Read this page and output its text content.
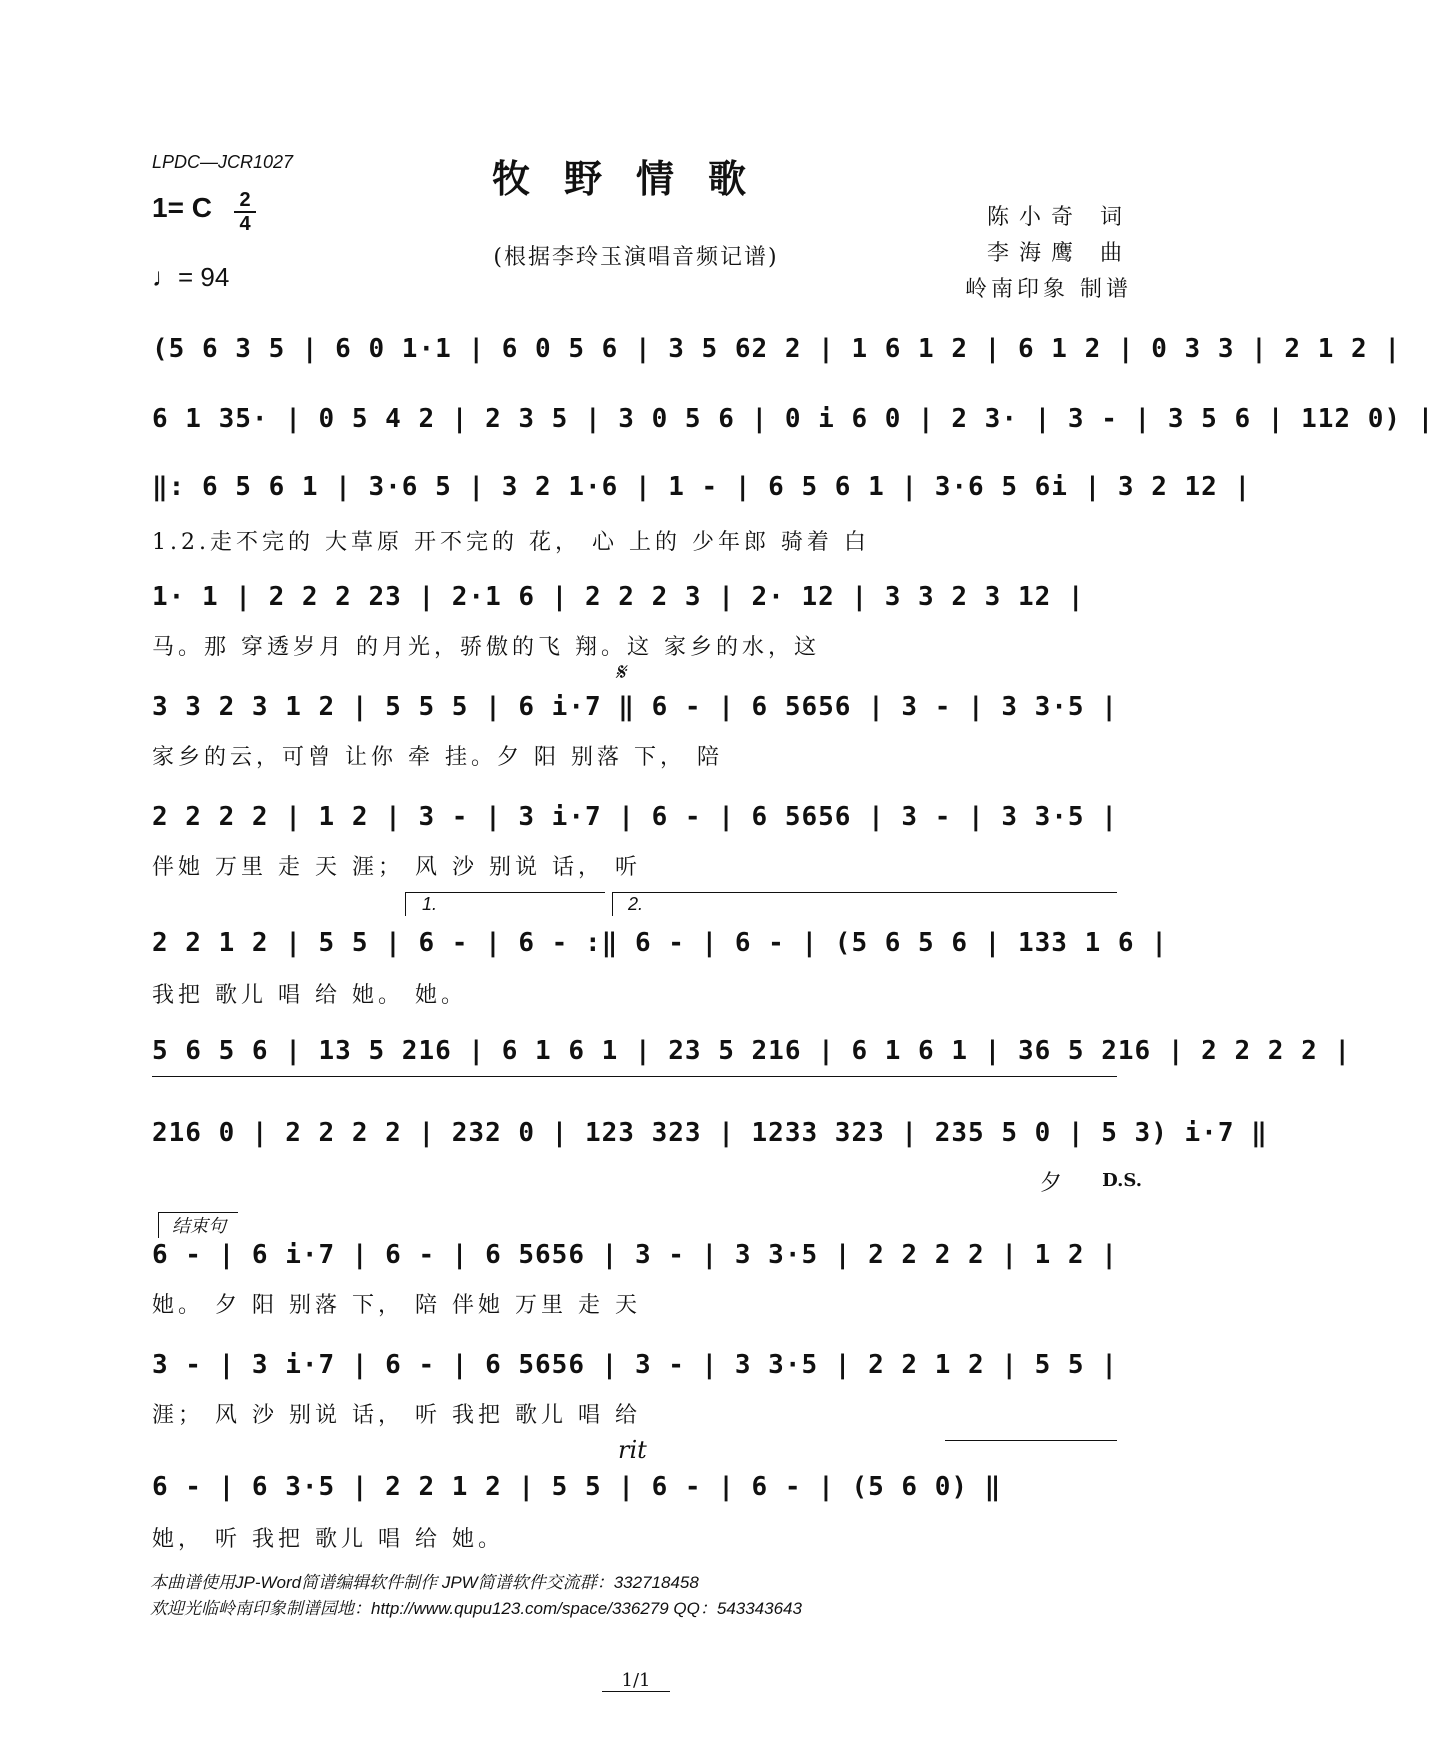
LPDC—JCR1027	牧野情歌
(根据李玲玉演唱音频记谱)
1= C 2
4
♩= 94
陈小奇 词
李海鹰 曲
岭南印象 制谱
(5 6 3 5 | 6 0 1·1 | 6 0 5 6 | 3 5 62 2 | 1 6 1 2 | 6 1 2 | 0 3 3 | 2 1 2 |
6 1 35· | 0 5 4 2 | 2 3 5 | 3 0 5 6 | 0 i 6 0 | 2 3· | 3 - | 3 5 6 | 112 0) |
‖: 6 5 6 1 | 3·6 5 | 3 2 1·6 | 1 - | 6 5 6 1 | 3·6 5 6i | 3 2 12 |
1.2.走不完的 大草原 开不完的 花， 心 上的 少年郎 骑着 白
1· 1 | 2 2 2 23 | 2·1 6 | 2 2 2 3 | 2· 12 | 3 3 2 3 12 |
马。那 穿透岁月 的月光，骄傲的飞 翔。这 家乡的水，这
𝄋
3 3 2 3 1 2 | 5 5 5 | 6 i·7 ‖ 6 - | 6 5656 | 3 - | 3 3·5 |
家乡的云，可曾 让你 牵 挂。夕 阳 别落 下， 陪
2 2 2 2 | 1 2 | 3 - | 3 i·7 | 6 - | 6 5656 | 3 - | 3 3·5 |
伴她 万里 走 天 涯； 风 沙 别说 话， 听
1.	2.
2 2 1 2 | 5 5 | 6 - | 6 - :‖ 6 - | 6 - | (5 6 5 6 | 133 1 6 |
我把 歌儿 唱 给 她。 她。
5 6 5 6 | 13 5 216 | 6 1 6 1 | 23 5 216 | 6 1 6 1 | 36 5 216 | 2 2 2 2 |
216 0 | 2 2 2 2 | 232 0 | 123 323 | 1233 323 | 235 5 0 | 5 3) i·7 ‖
夕	D.S.
结束句
6 - | 6 i·7 | 6 - | 6 5656 | 3 - | 3 3·5 | 2 2 2 2 | 1 2 |
她。 夕 阳 别落 下， 陪 伴她 万里 走 天
3 - | 3 i·7 | 6 - | 6 5656 | 3 - | 3 3·5 | 2 2 1 2 | 5 5 |
涯； 风 沙 别说 话， 听 我把 歌儿 唱 给
rit
6 - | 6 3·5 | 2 2 1 2 | 5 5 | 6 - | 6 - | (5 6 0) ‖
她， 听 我把 歌儿 唱 给 她。
本曲谱使用JP-Word简谱编辑软件制作 JPW简谱软件交流群：332718458
欢迎光临岭南印象制谱园地：http://www.qupu123.com/space/336279 QQ：543343643
1/1
